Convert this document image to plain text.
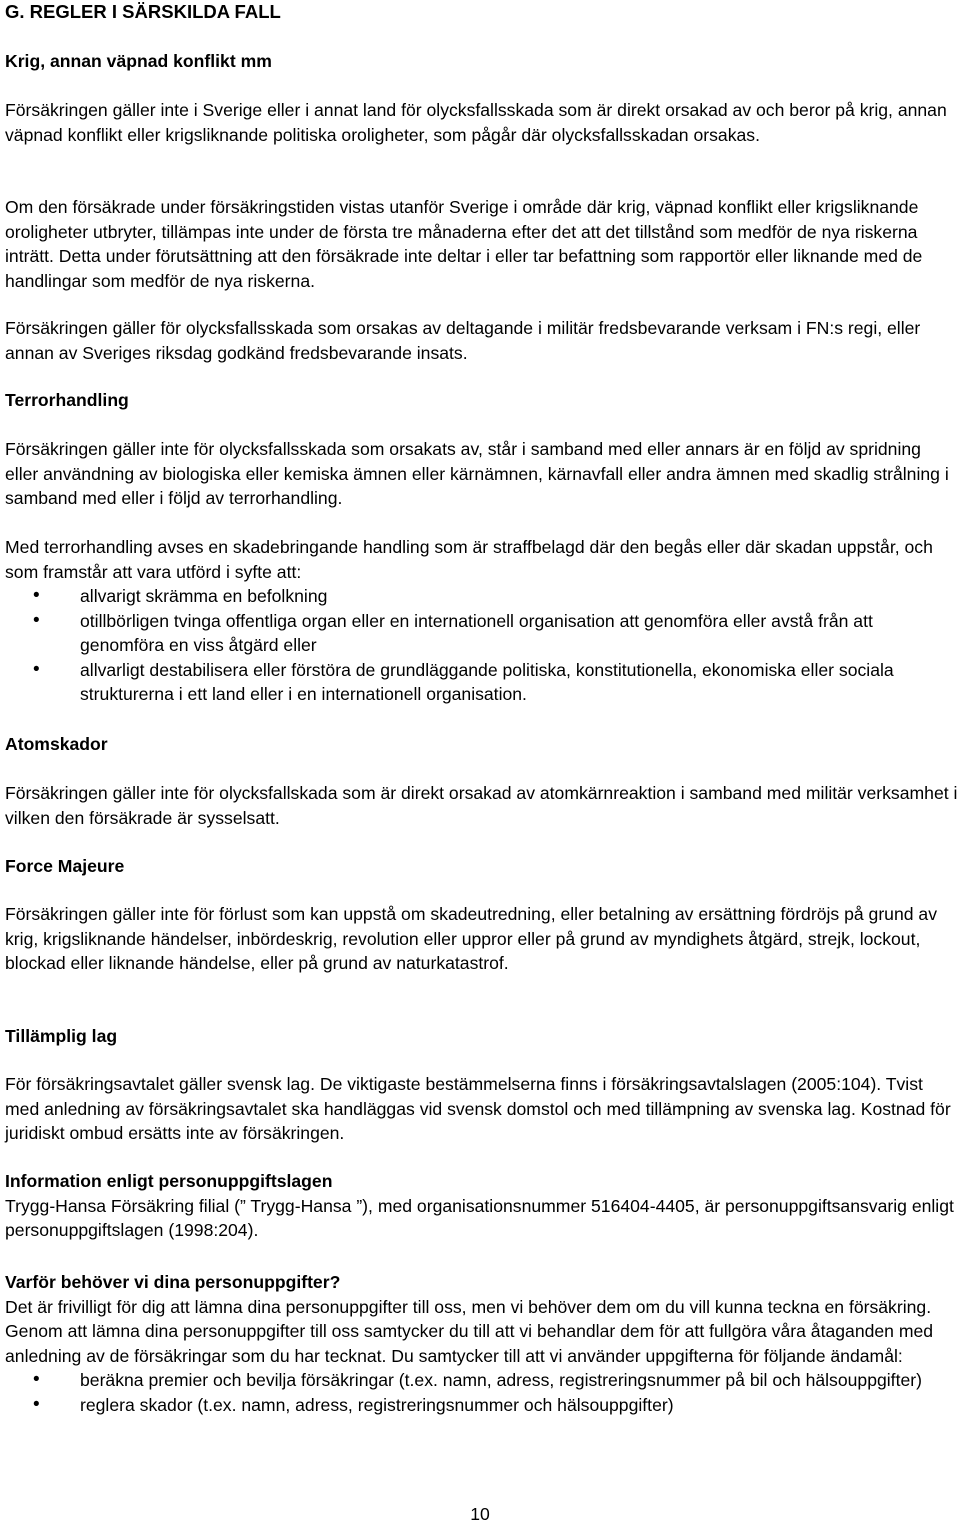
G. REGLER I SÄRSKILDA FALL

Krig, annan väpnad konflikt mm

Försäkringen gäller inte i Sverige eller i annat land för olycksfallsskada som är direkt orsakad av och beror på krig, annan väpnad konflikt eller krigsliknande politiska oroligheter, som pågår där olycksfallsskadan orsakas.

Om den försäkrade under försäkringstiden vistas utanför Sverige i område där krig, väpnad konflikt eller krigsliknande oroligheter utbryter, tillämpas inte under de första tre månaderna efter det att det tillstånd som medför de nya riskerna inträtt. Detta under förutsättning att den försäkrade inte deltar i eller tar befattning som rapportör eller liknande med de handlingar som medför de nya riskerna.

Försäkringen gäller för olycksfallsskada som orsakas av deltagande i militär fredsbevarande verksam i FN:s regi, eller annan av Sveriges riksdag godkänd fredsbevarande insats.

Terrorhandling

Försäkringen gäller inte för olycksfallsskada som orsakats av, står i samband med eller annars är en följd av spridning eller användning av biologiska eller kemiska ämnen eller kärnämnen, kärnavfall eller andra ämnen med skadlig strålning i samband med eller i följd av terrorhandling.

Med terrorhandling avses en skadebringande handling som är straffbelagd där den begås eller där skadan uppstår, och som framstår att vara utförd i syfte att:

• allvarigt skrämma en befolkning
• otillbörligen tvinga offentliga organ eller en internationell organisation att genomföra eller avstå från att genomföra en viss åtgärd eller
• allvarligt destabilisera eller förstöra de grundläggande politiska, konstitutionella, ekonomiska eller sociala strukturerna i ett land eller i en internationell organisation.

Atomskador

Försäkringen gäller inte för olycksfallskada som är direkt orsakad av atomkärnreaktion i samband med militär verksamhet i vilken den försäkrade är sysselsatt.

Force Majeure

Försäkringen gäller inte för förlust som kan uppstå om skadeutredning, eller betalning av ersättning fördröjs på grund av krig, krigsliknande händelser, inbördeskrig, revolution eller uppror eller på grund av myndighets åtgärd, strejk, lockout, blockad eller liknande händelse, eller på grund av naturkatastrof.

Tillämplig lag

För försäkringsavtalet gäller svensk lag. De viktigaste bestämmelserna finns i försäkringsavtalslagen (2005:104). Tvist med anledning av försäkringsavtalet ska handläggas vid svensk domstol och med tillämpning av svenska lag. Kostnad för juridiskt ombud ersätts inte av försäkringen.

Information enligt personuppgiftslagen

Trygg-Hansa Försäkring filial (” Trygg-Hansa ”), med organisationsnummer 516404-4405, är personuppgiftsansvarig enligt personuppgiftslagen (1998:204).

Varför behöver vi dina personuppgifter?

Det är frivilligt för dig att lämna dina personuppgifter till oss, men vi behöver dem om du vill kunna teckna en försäkring. Genom att lämna dina personuppgifter till oss samtycker du till att vi behandlar dem för att fullgöra våra åtaganden med anledning av de försäkringar som du har tecknat. Du samtycker till att vi använder uppgifterna för följande ändamål:

• beräkna premier och bevilja försäkringar (t.ex. namn, adress, registreringsnummer på bil och hälsouppgifter)
• reglera skador (t.ex. namn, adress, registreringsnummer och hälsouppgifter)
10
